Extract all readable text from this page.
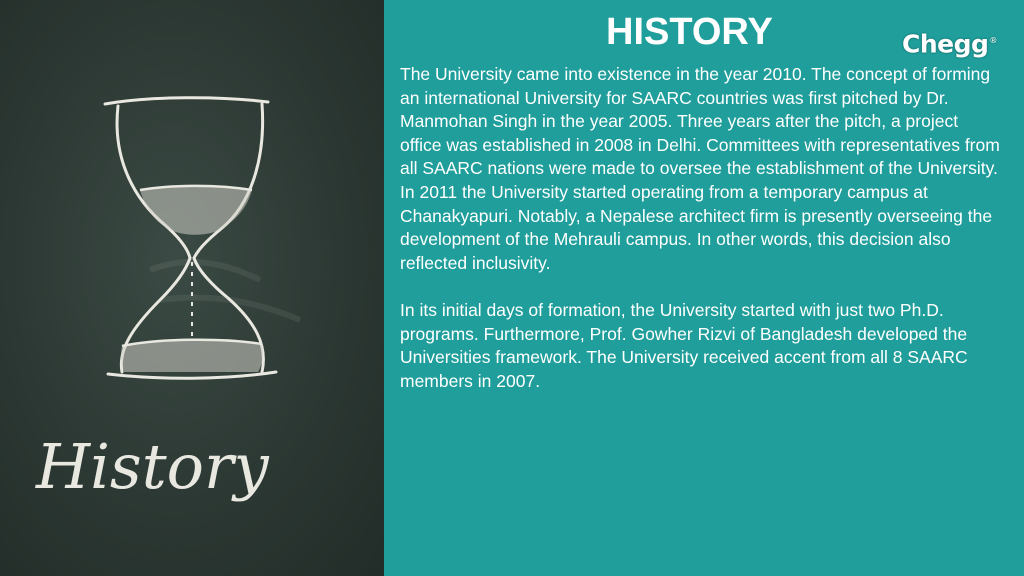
History
HISTORY	Chegg®

The University came into existence in the year 2010. The concept of forming an international University for SAARC countries was first pitched by Dr. Manmohan Singh in the year 2005. Three years after the pitch, a project office was established in 2008 in Delhi. Committees with representatives from all SAARC nations were made to oversee the establishment of the University.

In 2011 the University started operating from a temporary campus at Chanakyapuri. Notably, a Nepalese architect firm is presently overseeing the development of the Mehrauli campus. In other words, this decision also reflected inclusivity.

In its initial days of formation, the University started with just two Ph.D. programs. Furthermore, Prof. Gowher Rizvi of Bangladesh developed the Universities framework. The University received accent from all 8 SAARC members in 2007.
